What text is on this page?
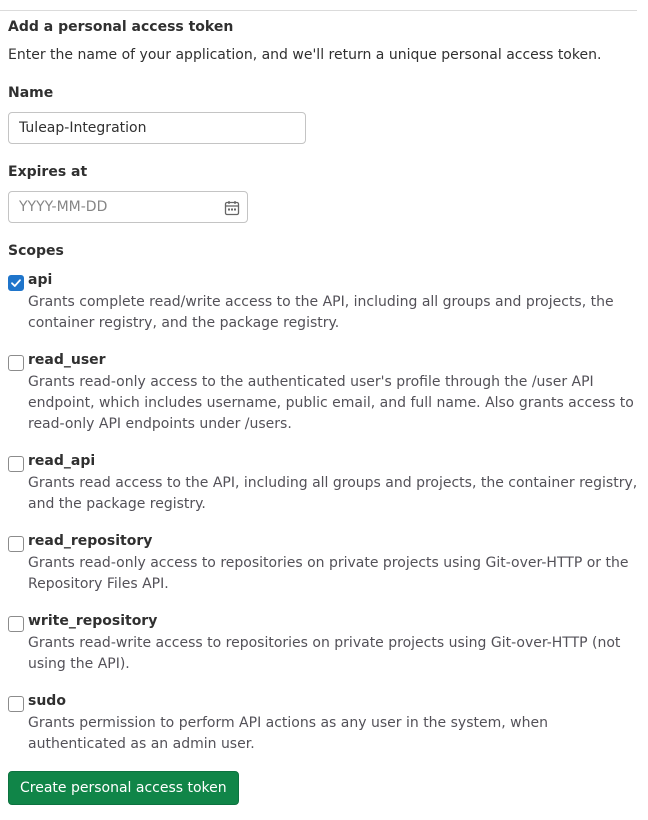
Add a personal access token
Enter the name of your application, and we'll return a unique personal access token.
Name
Tuleap-Integration
Expires at
YYYY-MM-DD
Scopes
api
Grants complete read/write access to the API, including all groups and projects, the container registry, and the package registry.
read_user
Grants read-only access to the authenticated user's profile through the /user API endpoint, which includes username, public email, and full name. Also grants access to read-only API endpoints under /users.
read_api
Grants read access to the API, including all groups and projects, the container registry, and the package registry.
read_repository
Grants read-only access to repositories on private projects using Git-over-HTTP or the Repository Files API.
write_repository
Grants read-write access to repositories on private projects using Git-over-HTTP (not using the API).
sudo
Grants permission to perform API actions as any user in the system, when authenticated as an admin user.
Create personal access token
